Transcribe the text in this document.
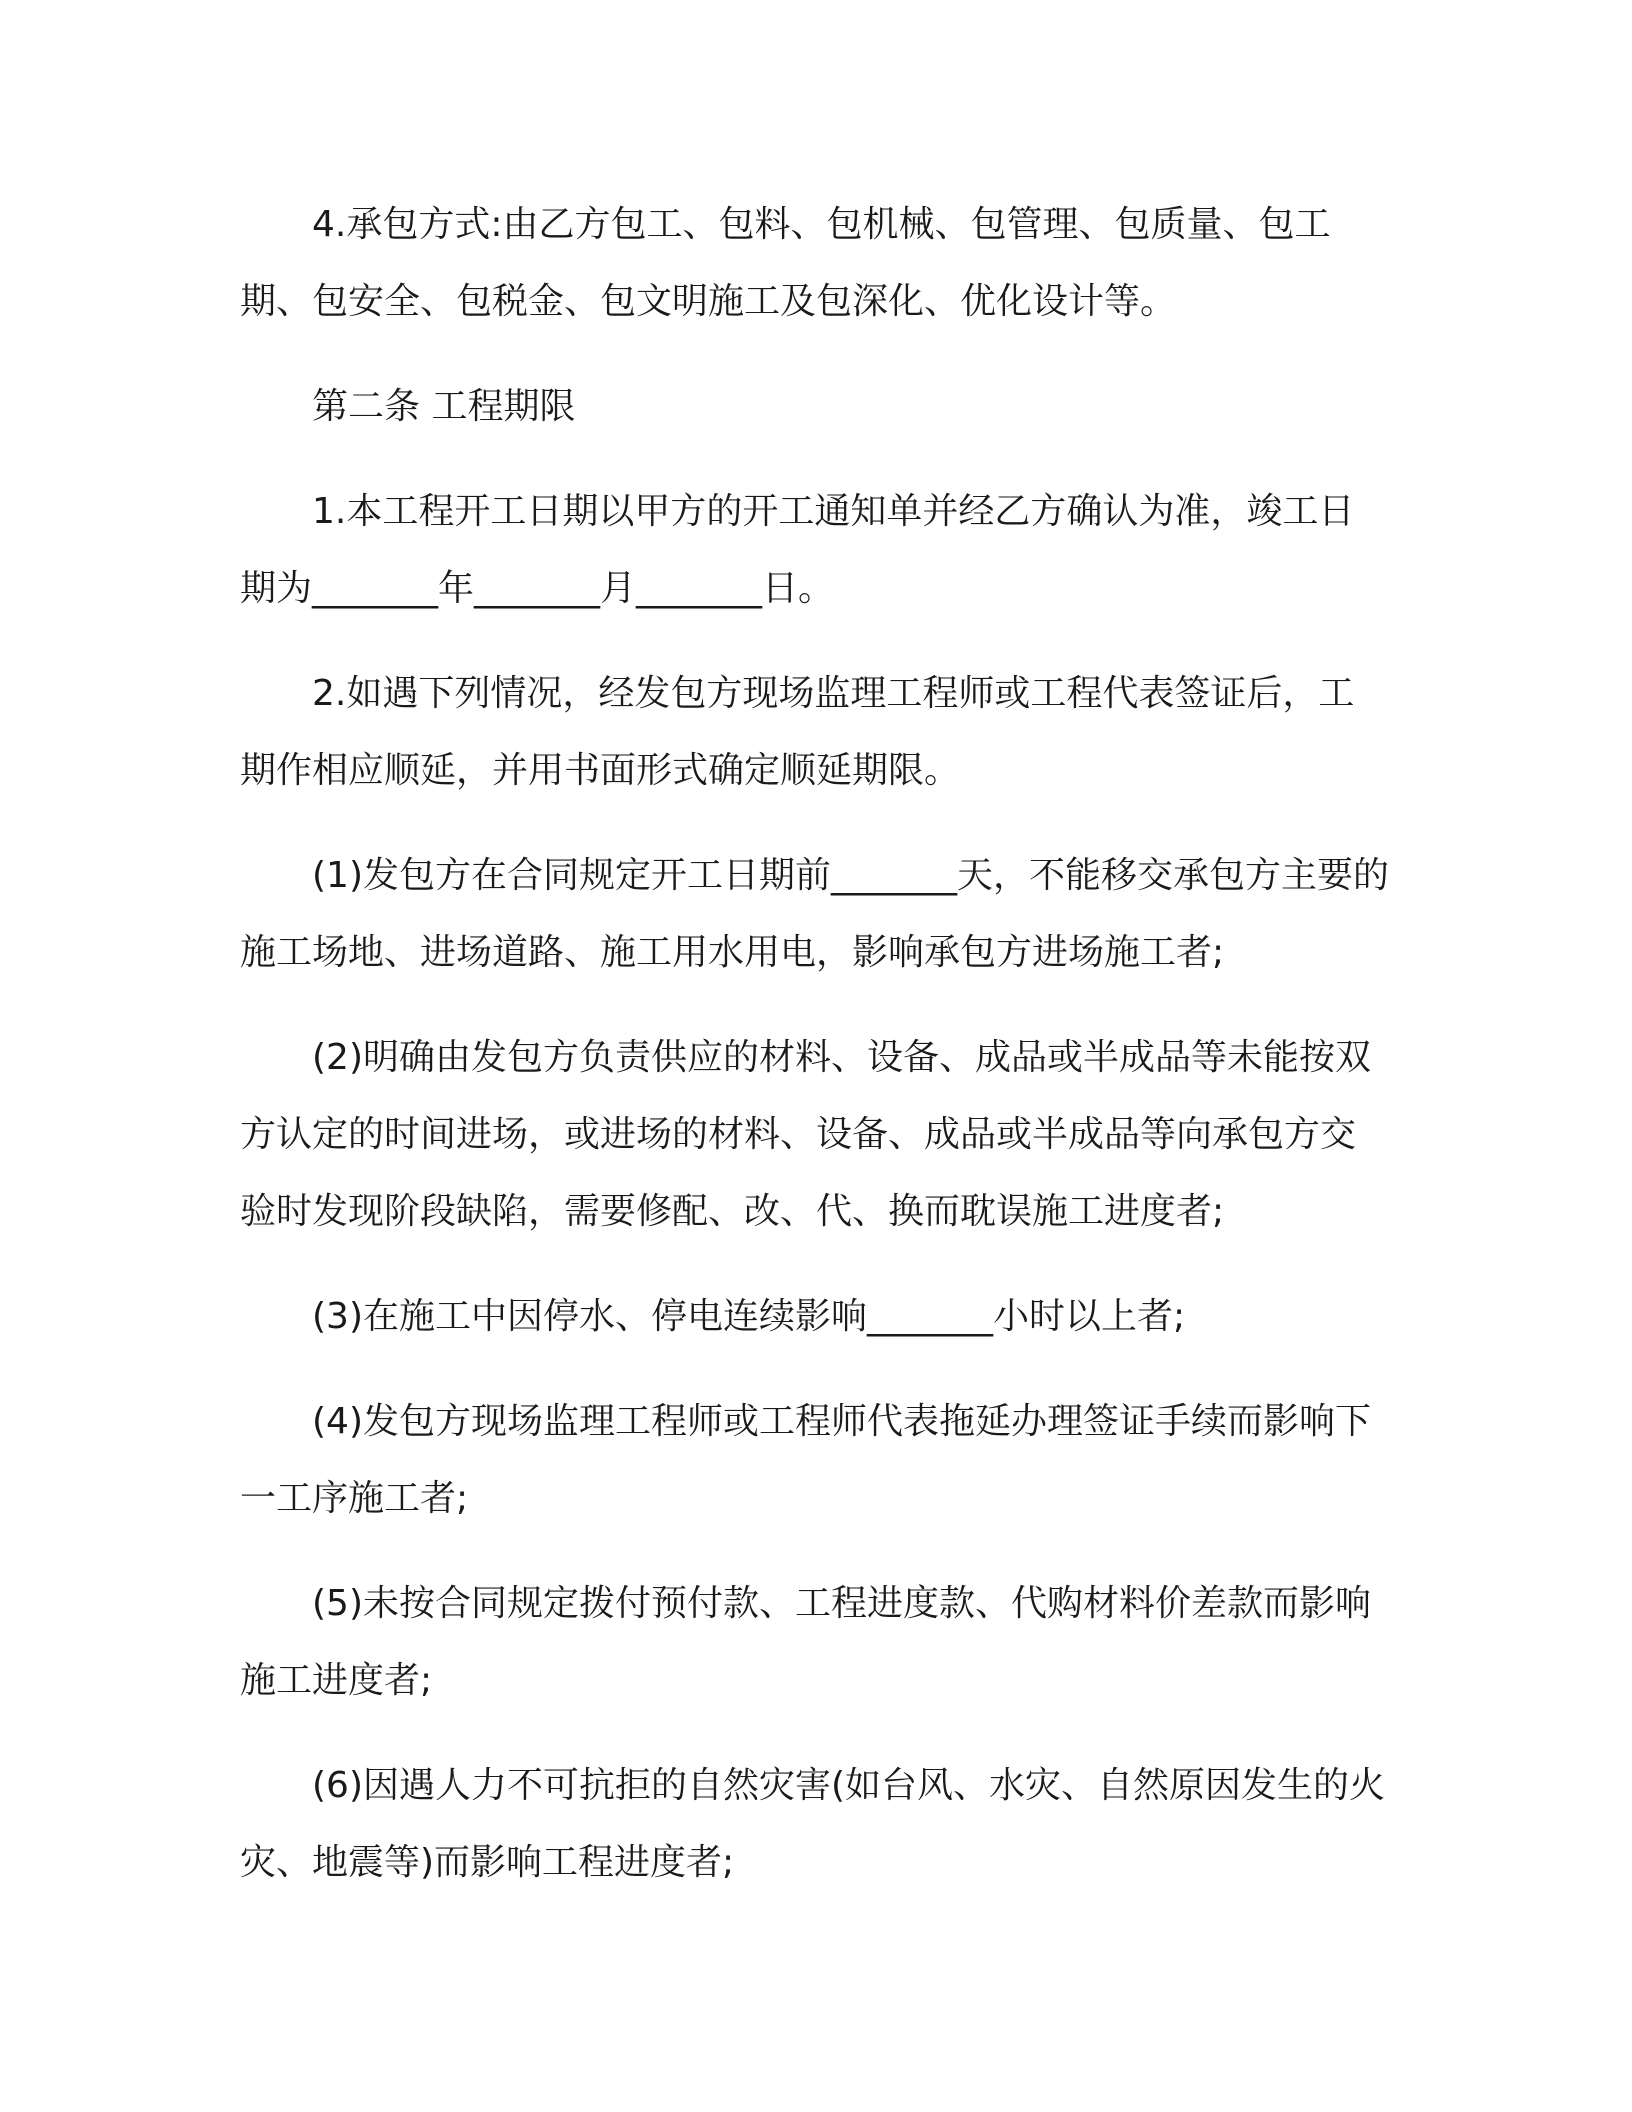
4.承包方式:由乙方包工、包料、包机械、包管理、包质量、包工期、包安全、包税金、包文明施工及包深化、优化设计等。

第二条 工程期限

1.本工程开工日期以甲方的开工通知单并经乙方确认为准，竣工日期为_______年_______月_______日。

2.如遇下列情况，经发包方现场监理工程师或工程代表签证后，工期作相应顺延，并用书面形式确定顺延期限。

(1)发包方在合同规定开工日期前_______天，不能移交承包方主要的施工场地、进场道路、施工用水用电，影响承包方进场施工者;

(2)明确由发包方负责供应的材料、设备、成品或半成品等未能按双方认定的时间进场，或进场的材料、设备、成品或半成品等向承包方交验时发现阶段缺陷，需要修配、改、代、换而耽误施工进度者;

(3)在施工中因停水、停电连续影响_______小时以上者;

(4)发包方现场监理工程师或工程师代表拖延办理签证手续而影响下一工序施工者;

(5)未按合同规定拨付预付款、工程进度款、代购材料价差款而影响施工进度者;

(6)因遇人力不可抗拒的自然灾害(如台风、水灾、自然原因发生的火灾、地震等)而影响工程进度者;
